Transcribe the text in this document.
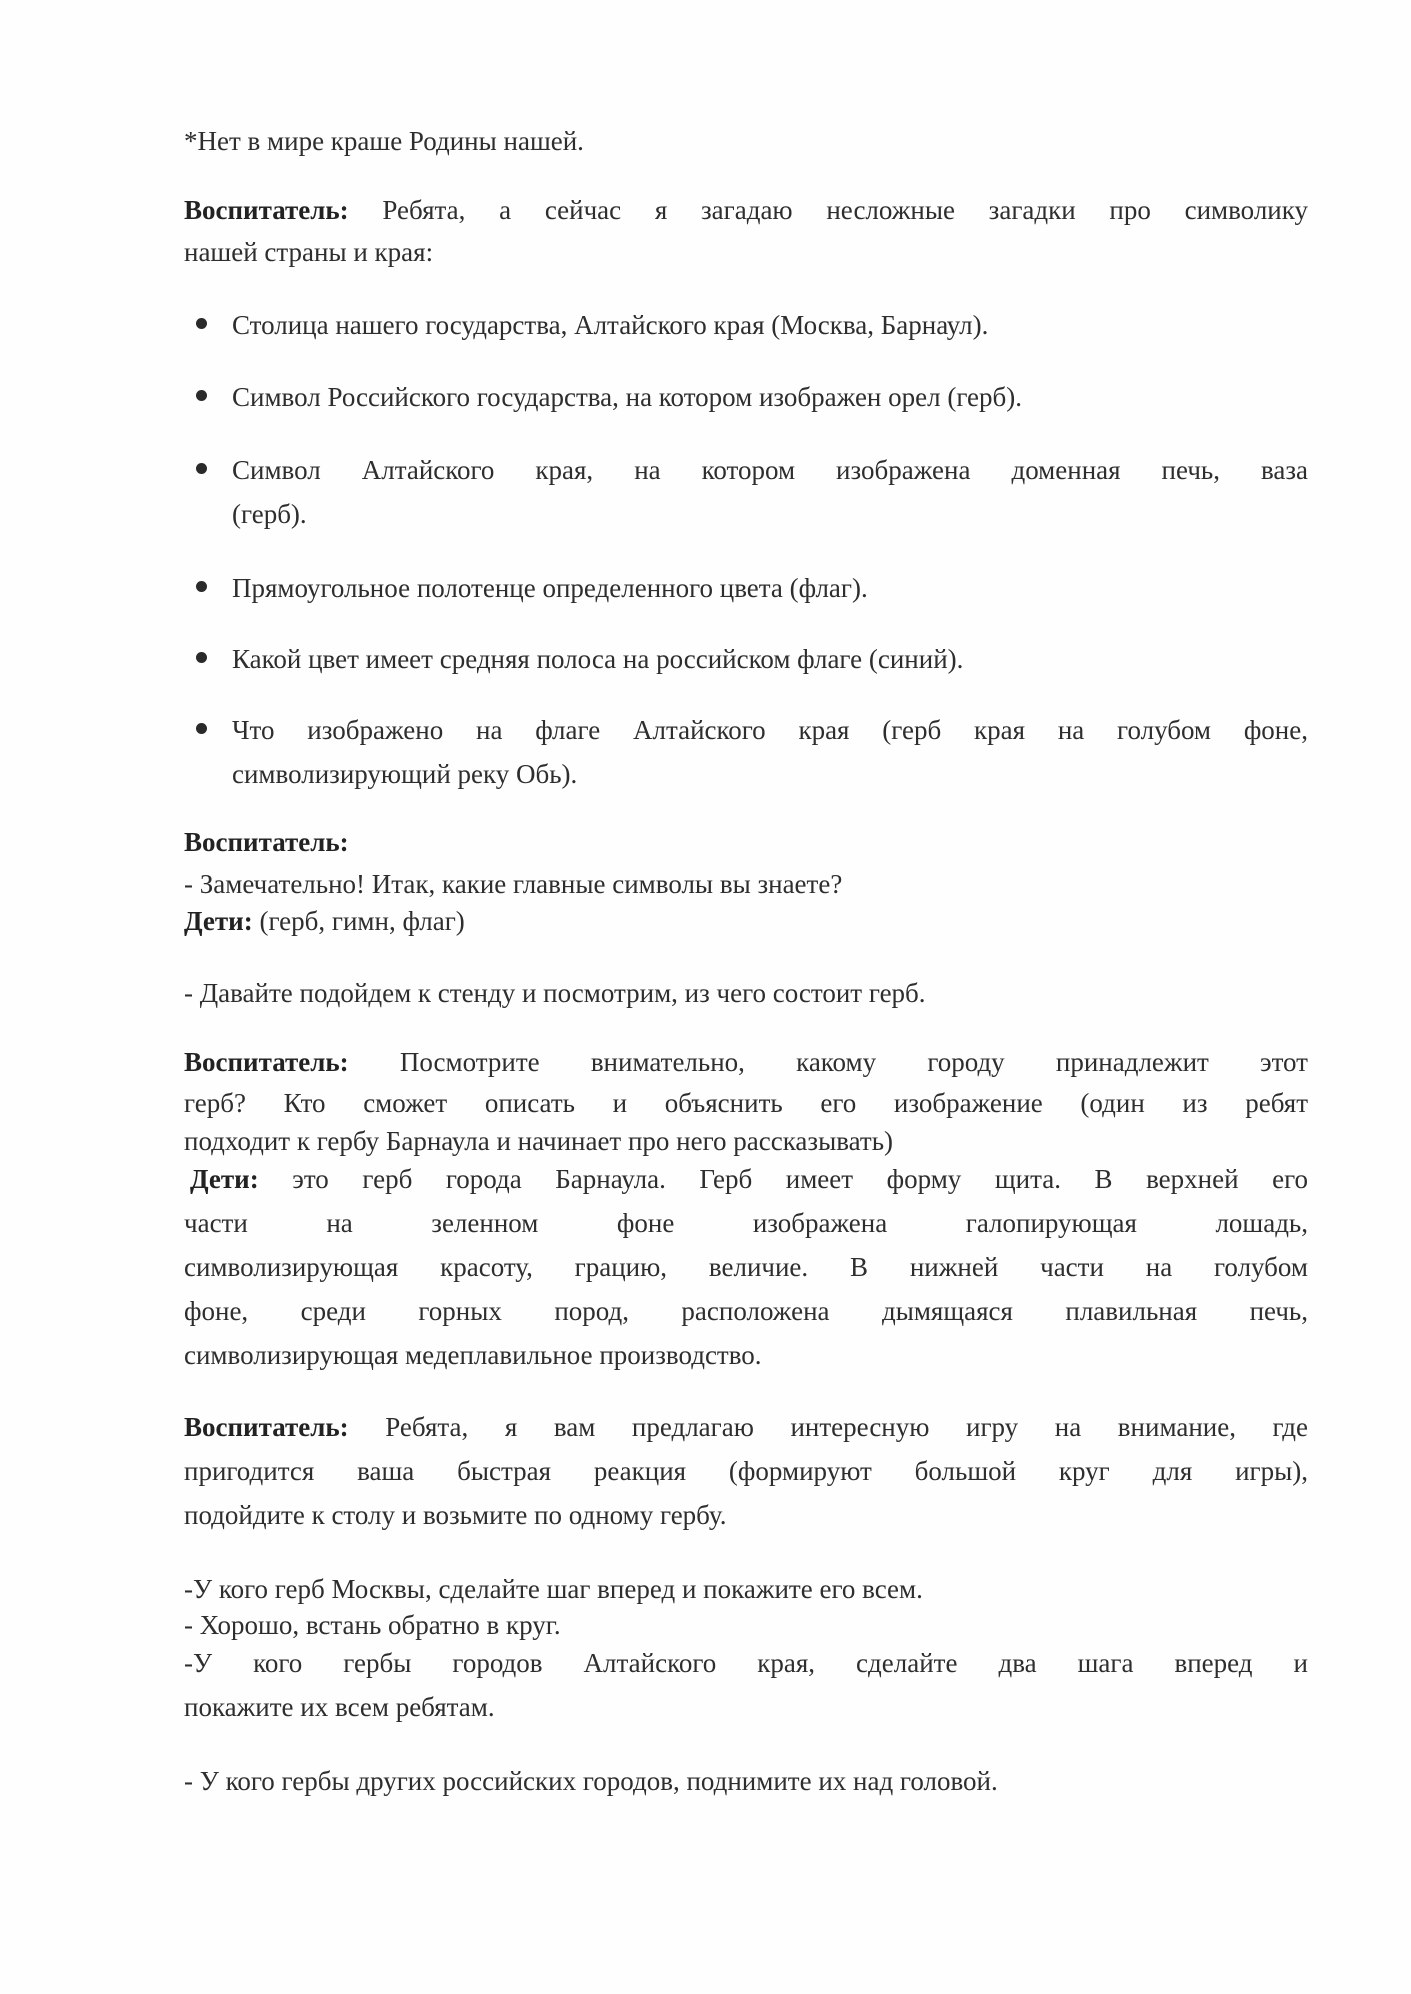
*Нет в мире краше Родины нашей.
Воспитатель: Ребята, а сейчас я загадаю несложные загадки про символику
нашей страны и края:
Столица нашего государства, Алтайского края (Москва, Барнаул).
Символ Российского государства, на котором изображен орел (герб).
Символ Алтайского края, на котором изображена доменная печь, ваза
(герб).
Прямоугольное полотенце определенного цвета (флаг).
Какой цвет имеет средняя полоса на российском флаге (синий).
Что изображено на флаге Алтайского края (герб края на голубом фоне,
символизирующий реку Обь).
Воспитатель:
- Замечательно! Итак, какие главные символы вы знаете?
Дети: (герб, гимн, флаг)
- Давайте подойдем к стенду и посмотрим, из чего состоит герб.
Воспитатель: Посмотрите внимательно, какому городу принадлежит этот
герб? Кто сможет описать и объяснить его изображение (один из ребят
подходит к гербу Барнаула и начинает про него рассказывать)
Дети: это герб города Барнаула. Герб имеет форму щита. В верхней его
части на зеленном фоне изображена галопирующая лошадь,
символизирующая красоту, грацию, величие. В нижней части на голубом
фоне, среди горных пород, расположена дымящаяся плавильная печь,
символизирующая медеплавильное производство.
Воспитатель: Ребята, я вам предлагаю интересную игру на внимание, где
пригодится ваша быстрая реакция (формируют большой круг для игры),
подойдите к столу и возьмите по одному гербу.
-У кого герб Москвы, сделайте шаг вперед и покажите его всем.
- Хорошо, встань обратно в круг.
-У кого гербы городов Алтайского края, сделайте два шага вперед и
покажите их всем ребятам.
- У кого гербы других российских городов, поднимите их над головой.
